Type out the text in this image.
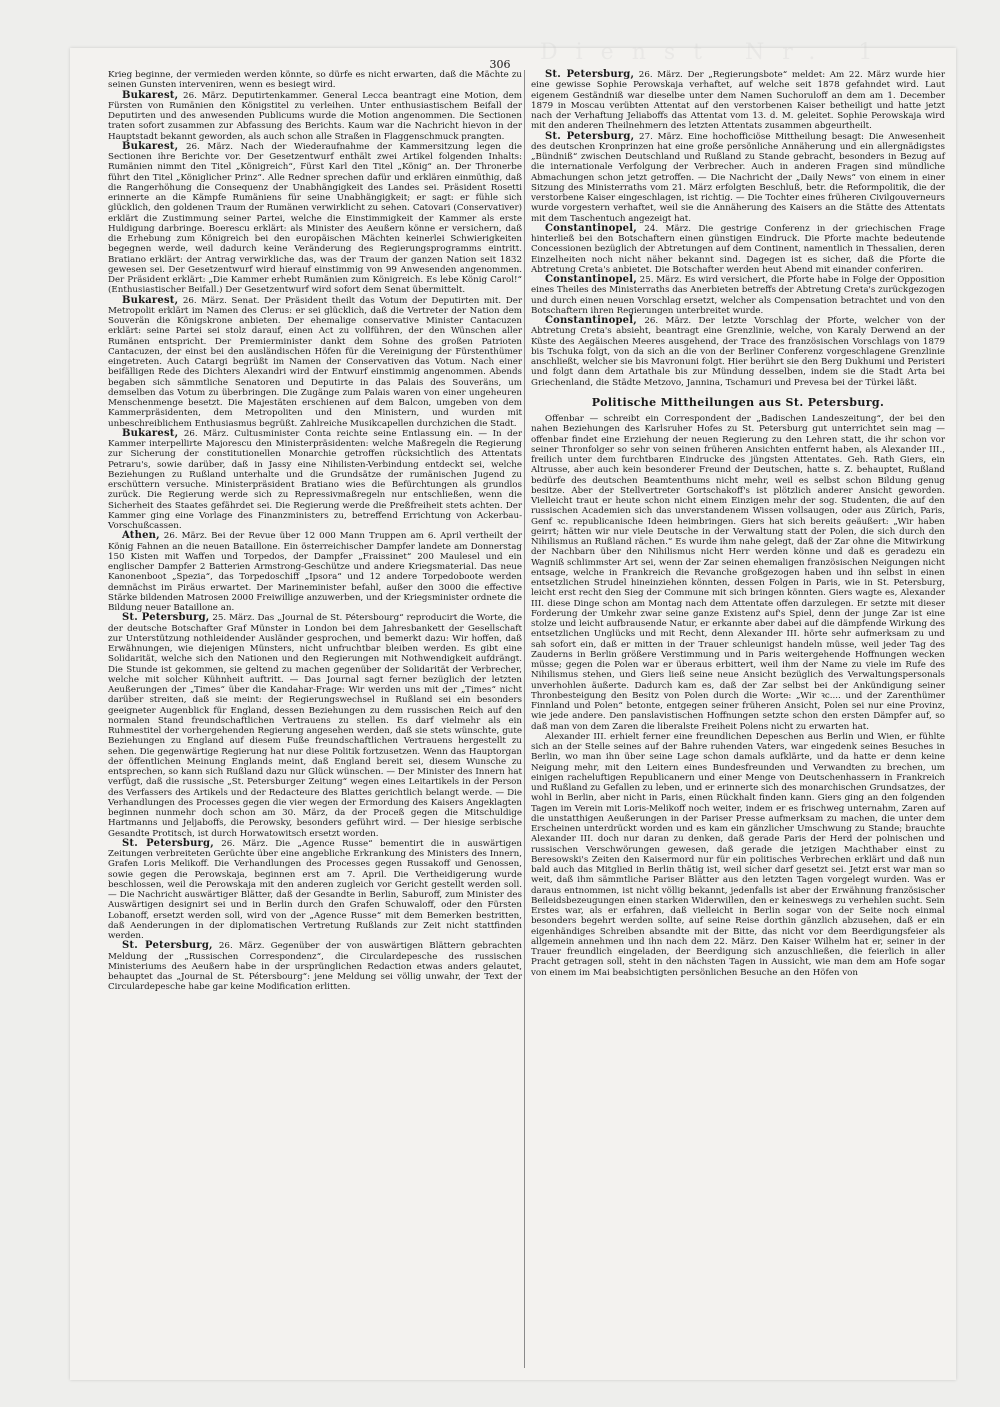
Dienst Nr. 1
306

Krieg beginne, der vermieden werden könnte, so dürfe es nicht erwarten, daß die Mächte zu seinen Gunsten interveniren, wenn es besiegt wird.

Bukarest, 26. März. Deputirtenkammer. General Lecca beantragt eine Motion, dem Fürsten von Rumänien den Königstitel zu verleihen. Unter enthusiastischem Beifall der Deputirten und des anwesenden Publicums wurde die Motion angenommen. Die Sectionen traten sofort zusammen zur Abfassung des Berichts. Kaum war die Nachricht hievon in der Hauptstadt bekannt geworden, als auch schon alle Straßen in Flaggenschmuck prangten.

Bukarest, 26. März. Nach der Wiederaufnahme der Kammersitzung legen die Sectionen ihre Berichte vor. Der Gesetzentwurf enthält zwei Artikel folgenden Inhalts: Rumänien nimmt den Titel „Königreich“, Fürst Karl den Titel „König“ an. Der Thronerbe führt den Titel „Königlicher Prinz“. Alle Redner sprechen dafür und erklären einmüthig, daß die Rangerhöhung die Consequenz der Unabhängigkeit des Landes sei. Präsident Rosetti erinnerte an die Kämpfe Rumäniens für seine Unabhängigkeit; er sagt: er fühle sich glücklich, den goldenen Traum der Rumänen verwirklicht zu sehen. Catovari (Conservativer) erklärt die Zustimmung seiner Partei, welche die Einstimmigkeit der Kammer als erste Huldigung darbringe. Boerescu erklärt: als Minister des Aeußern könne er versichern, daß die Erhebung zum Königreich bei den europäischen Mächten keinerlei Schwierigkeiten begegnen werde, weil dadurch keine Veränderung des Regierungsprogramms eintritt. Bratiano erklärt: der Antrag verwirkliche das, was der Traum der ganzen Nation seit 1832 gewesen sei. Der Gesetzentwurf wird hierauf einstimmig von 99 Anwesenden angenommen. Der Präsident erklärt: „Die Kammer erhebt Rumänien zum Königreich. Es lebe König Carol!“ (Enthusiastischer Beifall.) Der Gesetzentwurf wird sofort dem Senat übermittelt.

Bukarest, 26. März. Senat. Der Präsident theilt das Votum der Deputirten mit. Der Metropolit erklärt im Namen des Clerus: er sei glücklich, daß die Vertreter der Nation dem Souverän die Königskrone anbieten. Der ehemalige conservative Minister Cantacuzen erklärt: seine Partei sei stolz darauf, einen Act zu vollführen, der den Wünschen aller Rumänen entspricht. Der Premierminister dankt dem Sohne des großen Patrioten Cantacuzen, der einst bei den ausländischen Höfen für die Vereinigung der Fürstenthümer eingetreten. Auch Catargi begrüßt im Namen der Conservativen das Votum. Nach einer beifälligen Rede des Dichters Alexandri wird der Entwurf einstimmig angenommen. Abends begaben sich sämmtliche Senatoren und Deputirte in das Palais des Souveräns, um demselben das Votum zu überbringen. Die Zugänge zum Palais waren von einer ungeheuren Menschenmenge besetzt. Die Majestäten erschienen auf dem Balcon, umgeben von dem Kammerpräsidenten, dem Metropoliten und den Ministern, und wurden mit unbeschreiblichem Enthusiasmus begrüßt. Zahlreiche Musikcapellen durchzichen die Stadt.

Bukarest, 26. März. Cultusminister Conta reichte seine Entlassung ein. — In der Kammer interpellirte Majorescu den Ministerpräsidenten: welche Maßregeln die Regierung zur Sicherung der constitutionellen Monarchie getroffen rücksichtlich des Attentats Petraru's, sowie darüber, daß in Jassy eine Nihilisten-Verbindung entdeckt sei, welche Beziehungen zu Rußland unterhalte und die Grundsätze der rumänischen Jugend zu erschüttern versuche. Ministerpräsident Bratiano wies die Befürchtungen als grundlos zurück. Die Regierung werde sich zu Repressivmaßregeln nur entschließen, wenn die Sicherheit des Staates gefährdet sei. Die Regierung werde die Preßfreiheit stets achten. Der Kammer ging eine Vorlage des Finanzministers zu, betreffend Errichtung von Ackerbau-Vorschußcassen.

Athen, 26. März. Bei der Revue über 12 000 Mann Truppen am 6. April vertheilt der König Fahnen an die neuen Bataillone. Ein österreichischer Dampfer landete am Donnerstag 150 Kisten mit Waffen und Torpedos, der Dampfer „Fraissinet“ 200 Maulesel und ein englischer Dampfer 2 Batterien Armstrong-Geschütze und andere Kriegsmaterial. Das neue Kanonenboot „Spezia“, das Torpedoschiff „Ipsora“ und 12 andere Torpedoboote werden demnächst im Piräus erwartet. Der Marineminister befahl, außer den 3000 die effective Stärke bildenden Matrosen 2000 Freiwillige anzuwerben, und der Kriegsminister ordnete die Bildung neuer Bataillone an.

St. Petersburg, 25. März. Das „Journal de St. Pétersbourg“ reproducirt die Worte, die der deutsche Botschafter Graf Münster in London bei dem Jahresbankett der Gesellschaft zur Unterstützung nothleidender Ausländer gesprochen, und bemerkt dazu: Wir hoffen, daß Erwähnungen, wie diejenigen Münsters, nicht unfruchtbar bleiben werden. Es gibt eine Solidarität, welche sich den Nationen und den Regierungen mit Nothwendigkeit aufdrängt. Die Stunde ist gekommen, sie geltend zu machen gegenüber der Solidarität der Verbrecher, welche mit solcher Kühnheit auftritt. — Das Journal sagt ferner bezüglich der letzten Aeußerungen der „Times“ über die Kandahar-Frage: Wir werden uns mit der „Times“ nicht darüber streiten, daß sie meint: der Regierungswechsel in Rußland sei ein besonders geeigneter Augenblick für England, dessen Beziehungen zu dem russischen Reich auf den normalen Stand freundschaftlichen Vertrauens zu stellen. Es darf vielmehr als ein Ruhmestitel der vorhergehenden Regierung angesehen werden, daß sie stets wünschte, gute Beziehungen zu England auf diesem Fuße freundschaftlichen Vertrauens hergestellt zu sehen. Die gegenwärtige Regierung hat nur diese Politik fortzusetzen. Wenn das Hauptorgan der öffentlichen Meinung Englands meint, daß England bereit sei, diesem Wunsche zu entsprechen, so kann sich Rußland dazu nur Glück wünschen. — Der Minister des Innern hat verfügt, daß die russische „St. Petersburger Zeitung“ wegen eines Leitartikels in der Person des Verfassers des Artikels und der Redacteure des Blattes gerichtlich belangt werde. — Die Verhandlungen des Processes gegen die vier wegen der Ermordung des Kaisers Angeklagten beginnen nunmehr doch schon am 30. März, da der Proceß gegen die Mitschuldige Hartmanns und Jeljaboffs, die Perowsky, besonders geführt wird. — Der hiesige serbische Gesandte Protitsch, ist durch Horwatowitsch ersetzt worden.

St. Petersburg, 26. März. Die „Agence Russe“ bementirt die in auswärtigen Zeitungen verbreiteten Gerüchte über eine angebliche Erkrankung des Ministers des Innern, Grafen Loris Melikoff. Die Verhandlungen des Processes gegen Russakoff und Genossen, sowie gegen die Perowskaja, beginnen erst am 7. April. Die Vertheidigerung wurde beschlossen, weil die Perowskaja mit den anderen zugleich vor Gericht gestellt werden soll. — Die Nachricht auswärtiger Blätter, daß der Gesandte in Berlin, Saburoff, zum Minister des Auswärtigen designirt sei und in Berlin durch den Grafen Schuwaloff, oder den Fürsten Lobanoff, ersetzt werden soll, wird von der „Agence Russe“ mit dem Bemerken bestritten, daß Aenderungen in der diplomatischen Vertretung Rußlands zur Zeit nicht stattfinden werden.

St. Petersburg, 26. März. Gegenüber der von auswärtigen Blättern gebrachten Meldung der „Russischen Correspondenz“, die Circulardepesche des russischen Ministeriums des Aeußern habe in der ursprünglichen Redaction etwas anders gelautet, behauptet das „Journal de St. Pétersbourg“: jene Meldung sei völlig unwahr, der Text der Circulardepesche habe gar keine Modification erlitten.

St. Petersburg, 26. März. Der „Regierungsbote“ meldet: Am 22. März wurde hier eine gewisse Sophie Perowskaja verhaftet, auf welche seit 1878 gefahndet wird. Laut eigenem Geständniß war dieselbe unter dem Namen Suchoruloff an dem am 1. December 1879 in Moscau verübten Attentat auf den verstorbenen Kaiser betheiligt und hatte jetzt nach der Verhaftung Jeliaboffs das Attentat vom 13. d. M. geleitet. Sophie Perowskaja wird mit den anderen Theilnehmern des letzten Attentats zusammen abgeurtheilt.

St. Petersburg, 27. März. Eine hochofficiöse Mittheilung besagt: Die Anwesenheit des deutschen Kronprinzen hat eine große persönliche Annäherung und ein allergnädigstes „Bündniß“ zwischen Deutschland und Rußland zu Stande gebracht, besonders in Bezug auf die internationale Verfolgung der Verbrecher. Auch in anderen Fragen sind mündliche Abmachungen schon jetzt getroffen. — Die Nachricht der „Daily News“ von einem in einer Sitzung des Ministerraths vom 21. März erfolgten Beschluß, betr. die Reformpolitik, die der verstorbene Kaiser eingeschlagen, ist richtig. — Die Tochter eines früheren Civilgouverneurs wurde vorgestern verhaftet, weil sie die Annäherung des Kaisers an die Stätte des Attentats mit dem Taschentuch angezeigt hat.

Constantinopel, 24. März. Die gestrige Conferenz in der griechischen Frage hinterließ bei den Botschaftern einen günstigen Eindruck. Die Pforte machte bedeutende Concessionen bezüglich der Abtretungen auf dem Continent, namentlich in Thessalien, deren Einzelheiten noch nicht näher bekannt sind. Dagegen ist es sicher, daß die Pforte die Abtretung Creta's anbietet. Die Botschafter werden heut Abend mit einander conferiren.

Constantinopel, 25. März. Es wird versichert, die Pforte habe in Folge der Opposition eines Theiles des Ministerraths das Anerbieten betreffs der Abtretung Creta's zurückgezogen und durch einen neuen Vorschlag ersetzt, welcher als Compensation betrachtet und von den Botschaftern ihren Regierungen unterbreitet wurde.

Constantinopel, 26. März. Der letzte Vorschlag der Pforte, welcher von der Abtretung Creta's absieht, beantragt eine Grenzlinie, welche, von Karaly Derwend an der Küste des Aegäischen Meeres ausgehend, der Trace des französischen Vorschlags von 1879 bis Tschuka folgt, von da sich an die von der Berliner Conferenz vorgeschlagene Grenzlinie anschließt, welcher sie bis Mavronuni folgt. Hier berührt sie den Berg Dukhumi und Peristeri und folgt dann dem Artathale bis zur Mündung desselben, indem sie die Stadt Arta bei Griechenland, die Städte Metzovo, Jannina, Tschamuri und Prevesa bei der Türkei läßt.

Politische Mittheilungen aus St. Petersburg.

Offenbar — schreibt ein Correspondent der „Badischen Landeszeitung“, der bei den nahen Beziehungen des Karlsruher Hofes zu St. Petersburg gut unterrichtet sein mag — offenbar findet eine Erziehung der neuen Regierung zu den Lehren statt, die ihr schon vor seiner Thronfolger so sehr von seinen früheren Ansichten entfernt haben, als Alexander III., freilich unter dem furchtbaren Eindrucke des jüngsten Attentates. Geh. Rath Giers, ein Altrusse, aber auch kein besonderer Freund der Deutschen, hatte s. Z. behauptet, Rußland bedürfe des deutschen Beamtenthums nicht mehr, weil es selbst schon Bildung genug besitze. Aber der Stellvertreter Gortschakoff's ist plötzlich anderer Ansicht geworden. Vielleicht traut er heute schon nicht einem Einzigen mehr der sog. Studenten, die auf den russischen Academien sich das unverstandenem Wissen vollsaugen, oder aus Zürich, Paris, Genf ꝛc. republicanische Ideen heimbringen. Giers hat sich bereits geäußert: „Wir haben geirrt; hätten wir nur viele Deutsche in der Verwaltung statt der Polen, die sich durch den Nihilismus an Rußland rächen.“ Es wurde ihm nahe gelegt, daß der Zar ohne die Mitwirkung der Nachbarn über den Nihilismus nicht Herr werden könne und daß es geradezu ein Wagniß schlimmster Art sei, wenn der Zar seinen ehemaligen französischen Neigungen nicht entsage, welche in Frankreich die Revanche großgezogen haben und ihn selbst in einen entsetzlichen Strudel hineinziehen könnten, dessen Folgen in Paris, wie in St. Petersburg, leicht erst recht den Sieg der Commune mit sich bringen könnten. Giers wagte es, Alexander III. diese Dinge schon am Montag nach dem Attentate offen darzulegen. Er setzte mit dieser Forderung der Umkehr zwar seine ganze Existenz auf's Spiel, denn der junge Zar ist eine stolze und leicht aufbrausende Natur, er erkannte aber dabei auf die dämpfende Wirkung des entsetzlichen Unglücks und mit Recht, denn Alexander III. hörte sehr aufmerksam zu und sah sofort ein, daß er mitten in der Trauer schleunigst handeln müsse, weil jeder Tag des Zauderns in Berlin größere Verstimmung und in Paris weitergehende Hoffnungen wecken müsse; gegen die Polen war er überaus erbittert, weil ihm der Name zu viele im Rufe des Nihilismus stehen, und Giers ließ seine neue Ansicht bezüglich des Verwaltungspersonals unverhohlen äußerte. Dadurch kam es, daß der Zar selbst bei der Ankündigung seiner Thronbesteigung den Besitz von Polen durch die Worte: „Wir ꝛc.... und der Zarenthümer Finnland und Polen“ betonte, entgegen seiner früheren Ansicht, Polen sei nur eine Provinz, wie jede andere. Den panslavistischen Hoffnungen setzte schon den ersten Dämpfer auf, so daß man von dem Zaren die liberalste Freiheit Polens nicht zu erwarten hat.

Alexander III. erhielt ferner eine freundlichen Depeschen aus Berlin und Wien, er fühlte sich an der Stelle seines auf der Bahre ruhenden Vaters, war eingedenk seines Besuches in Berlin, wo man ihn über seine Lage schon damals aufklärte, und da hatte er denn keine Neigung mehr, mit den Leitern eines Bundesfreunden und Verwandten zu brechen, um einigen racheluftigen Republicanern und einer Menge von Deutschenhassern in Frankreich und Rußland zu Gefallen zu leben, und er erinnerte sich des monarchischen Grundsatzes, der wohl in Berlin, aber nicht in Paris, einen Rückhalt finden kann. Giers ging an den folgenden Tagen im Verein mit Loris-Melikoff noch weiter, indem er es frischweg unternahm, Zaren auf die unstatthigen Aeußerungen in der Pariser Presse aufmerksam zu machen, die unter dem Erscheinen unterdrückt worden und es kam ein gänzlicher Umschwung zu Stande; brauchte Alexander III. doch nur daran zu denken, daß gerade Paris der Herd der polnischen und russischen Verschwörungen gewesen, daß gerade die jetzigen Machthaber einst zu Beresowski's Zeiten den Kaisermord nur für ein politisches Verbrechen erklärt und daß nun bald auch das Mitglied in Berlin thätig ist, weil sicher darf gesetzt sei. Jetzt erst war man so weit, daß ihm sämmtliche Pariser Blätter aus den letzten Tagen vorgelegt wurden. Was er daraus entnommen, ist nicht völlig bekannt, jedenfalls ist aber der Erwähnung französischer Beileidsbezeugungen einen starken Widerwillen, den er keineswegs zu verhehlen sucht. Sein Erstes war, als er erfahren, daß vielleicht in Berlin sogar von der Seite noch einmal besonders begehrt werden sollte, auf seine Reise dorthin gänzlich abzusehen, daß er ein eigenhändiges Schreiben absandte mit der Bitte, das nicht vor dem Beerdigungsfeier als allgemein annehmen und ihn nach dem 22. März. Den Kaiser Wilhelm hat er, seiner in der Trauer freundlich eingeladen, der Beerdigung sich anzuschließen, die feierlich in aller Pracht getragen soll, steht in den nächsten Tagen in Aussicht, wie man dem am Hofe sogar von einem im Mai beabsichtigten persönlichen Besuche an den Höfen von
